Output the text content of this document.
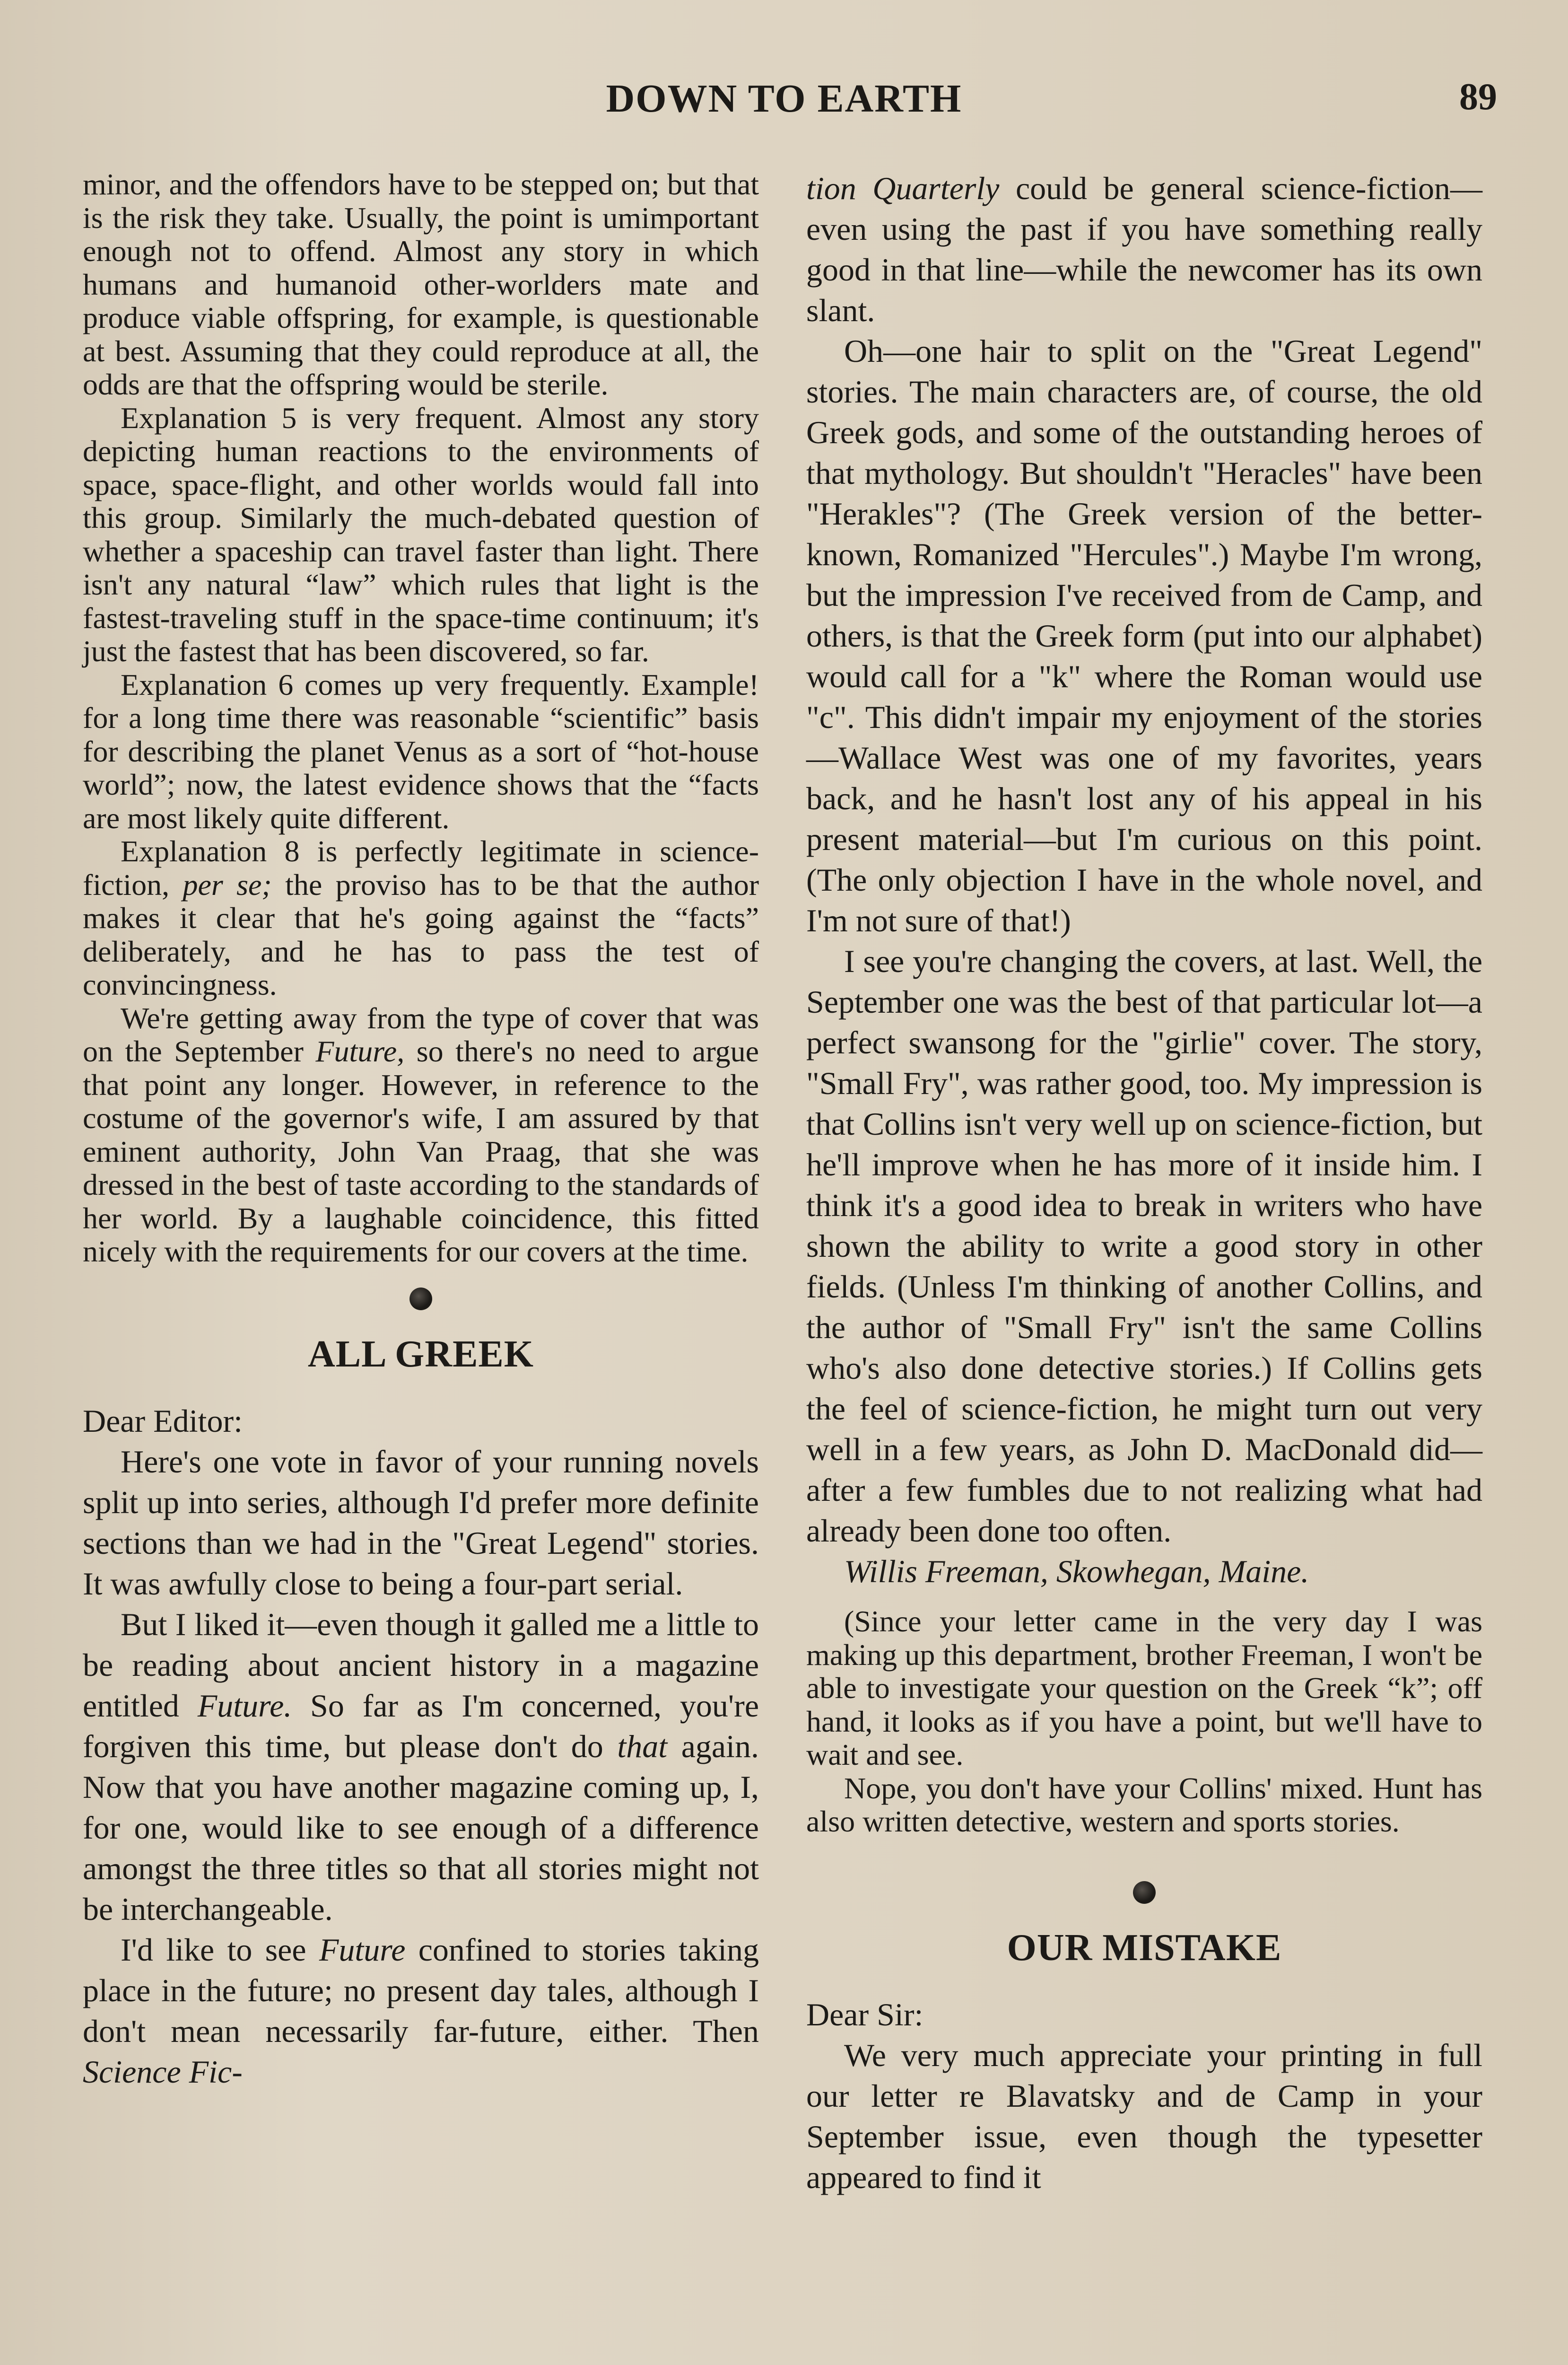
DOWN TO EARTH	89

minor, and the offendors have to be stepped on; but that is the risk they take. Usually, the point is umimportant enough not to offend. Almost any story in which humans and humanoid other-worlders mate and produce viable offspring, for example, is questionable at best. Assuming that they could reproduce at all, the odds are that the offspring would be sterile.

Explanation 5 is very frequent. Almost any story depicting human reactions to the environments of space, space-flight, and other worlds would fall into this group. Similarly the much-debated question of whether a spaceship can travel faster than light. There isn't any natural “law” which rules that light is the fastest-traveling stuff in the space-time continuum; it's just the fastest that has been discovered, so far.

Explanation 6 comes up very frequently. Example! for a long time there was reasonable “scientific” basis for describing the planet Venus as a sort of “hot-house world”; now, the latest evidence shows that the “facts are most likely quite different.

Explanation 8 is perfectly legitimate in science-fiction, per se; the proviso has to be that the author makes it clear that he's going against the “facts” deliberately, and he has to pass the test of convincingness.

We're getting away from the type of cover that was on the September Future, so there's no need to argue that point any longer. However, in reference to the costume of the governor's wife, I am assured by that eminent authority, John Van Praag, that she was dressed in the best of taste according to the standards of her world. By a laughable coincidence, this fitted nicely with the requirements for our covers at the time.

ALL GREEK

Dear Editor:

Here's one vote in favor of your running novels split up into series, although I'd prefer more definite sections than we had in the "Great Legend" stories. It was awfully close to being a four-part serial.

But I liked it—even though it galled me a little to be reading about ancient history in a magazine entitled Future. So far as I'm concerned, you're forgiven this time, but please don't do that again. Now that you have another magazine coming up, I, for one, would like to see enough of a difference amongst the three titles so that all stories might not be interchangeable.

I'd like to see Future confined to stories taking place in the future; no present day tales, although I don't mean necessarily far-future, either. Then Science Fic-

tion Quarterly could be general science-fiction—even using the past if you have something really good in that line—while the newcomer has its own slant.

Oh—one hair to split on the "Great Legend" stories. The main characters are, of course, the old Greek gods, and some of the outstanding heroes of that mythology. But shouldn't "Heracles" have been "Herakles"? (The Greek version of the better-known, Romanized "Hercules".) Maybe I'm wrong, but the impression I've received from de Camp, and others, is that the Greek form (put into our alphabet) would call for a "k" where the Roman would use "c". This didn't impair my enjoyment of the stories—Wallace West was one of my favorites, years back, and he hasn't lost any of his appeal in his present material—but I'm curious on this point. (The only objection I have in the whole novel, and I'm not sure of that!)

I see you're changing the covers, at last. Well, the September one was the best of that particular lot—a perfect swansong for the "girlie" cover. The story, "Small Fry", was rather good, too. My impression is that Collins isn't very well up on science-fiction, but he'll improve when he has more of it inside him. I think it's a good idea to break in writers who have shown the ability to write a good story in other fields. (Unless I'm thinking of another Collins, and the author of "Small Fry" isn't the same Collins who's also done detective stories.) If Collins gets the feel of science-fiction, he might turn out very well in a few years, as John D. MacDonald did—after a few fumbles due to not realizing what had already been done too often.

Willis Freeman, Skowhegan, Maine.

(Since your letter came in the very day I was making up this department, brother Freeman, I won't be able to investigate your question on the Greek “k”; off hand, it looks as if you have a point, but we'll have to wait and see.

Nope, you don't have your Collins' mixed. Hunt has also written detective, western and sports stories.

OUR MISTAKE

Dear Sir:

We very much appreciate your printing in full our letter re Blavatsky and de Camp in your September issue, even though the typesetter appeared to find it
